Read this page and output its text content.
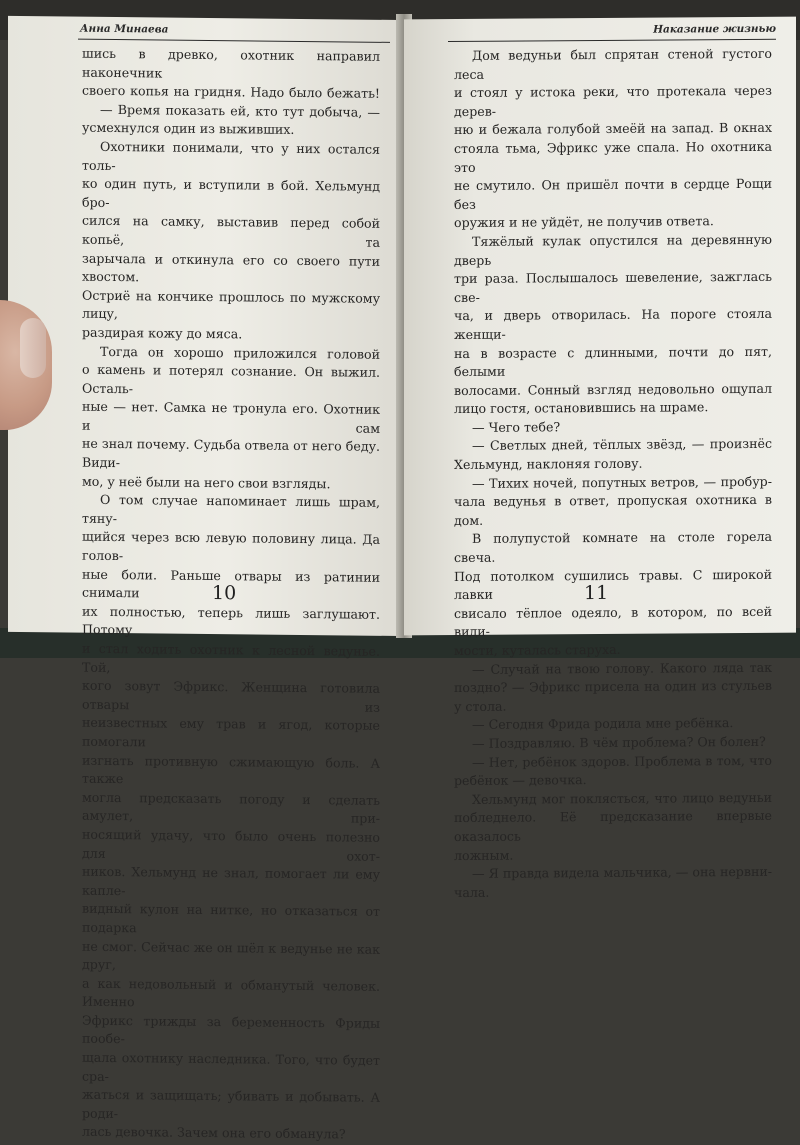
Анна Минаева

шись в древко, охотник направил наконечник

своего копья на гридня. Надо было бежать!

— Время показать ей, кто тут добыча, —

усмехнулся один из выживших.

Охотники понимали, что у них остался толь-

ко один путь, и вступили в бой. Хельмунд бро-

сился на самку, выставив перед собой копьё, та

зарычала и откинула его со своего пути хвостом.

Остриё на кончике прошлось по мужскому лицу,

раздирая кожу до мяса.

Тогда он хорошо приложился головой

о камень и потерял сознание. Он выжил. Осталь-

ные — нет. Самка не тронула его. Охотник и сам

не знал почему. Судьба отвела от него беду. Види-

мо, у неё были на него свои взгляды.

О том случае напоминает лишь шрам, тяну-

щийся через всю левую половину лица. Да голов-

ные боли. Раньше отвары из ратинии снимали

их полностью, теперь лишь заглушают. Потому

и стал ходить охотник к лесной ведунье. Той,

кого зовут Эфрикс. Женщина готовила отвары из

неизвестных ему трав и ягод, которые помогали

изгнать противную сжимающую боль. А также

могла предсказать погоду и сделать амулет, при-

носящий удачу, что было очень полезно для охот-

ников. Хельмунд не знал, помогает ли ему капле-

видный кулон на нитке, но отказаться от подарка

не смог. Сейчас же он шёл к ведунье не как друг,

а как недовольный и обманутый человек. Именно

Эфрикс трижды за беременность Фриды пообе-

щала охотнику наследника. Того, что будет сра-

жаться и защищать; убивать и добывать. А роди-

лась девочка. Зачем она его обманула?

10
Наказание жизнью

Дом ведуньи был спрятан стеной густого леса

и стоял у истока реки, что протекала через дерев-

ню и бежала голубой змеёй на запад. В окнах

стояла тьма, Эфрикс уже спала. Но охотника это

не смутило. Он пришёл почти в сердце Рощи без

оружия и не уйдёт, не получив ответа.

Тяжёлый кулак опустился на деревянную дверь

три раза. Послышалось шевеление, зажглась све-

ча, и дверь отворилась. На пороге стояла женщи-

на в возрасте с длинными, почти до пят, белыми

волосами. Сонный взгляд недовольно ощупал

лицо гостя, остановившись на шраме.

— Чего тебе?

— Светлых дней, тёплых звёзд, — произнёс

Хельмунд, наклоняя голову.

— Тихих ночей, попутных ветров, — пробур-

чала ведунья в ответ, пропуская охотника в дом.

В полупустой комнате на столе горела свеча.

Под потолком сушились травы. С широкой лавки

свисало тёплое одеяло, в котором, по всей види-

мости, куталась старуха.

— Случай на твою голову. Какого ляда так

поздно? — Эфрикс присела на один из стульев

у стола.

— Сегодня Фрида родила мне ребёнка.

— Поздравляю. В чём проблема? Он болен?

— Нет, ребёнок здоров. Проблема в том, что

ребёнок — девочка.

Хельмунд мог поклясться, что лицо ведуньи

побледнело. Её предсказание впервые оказалось

ложным.

— Я правда видела мальчика, — она нервни-

чала.

11
